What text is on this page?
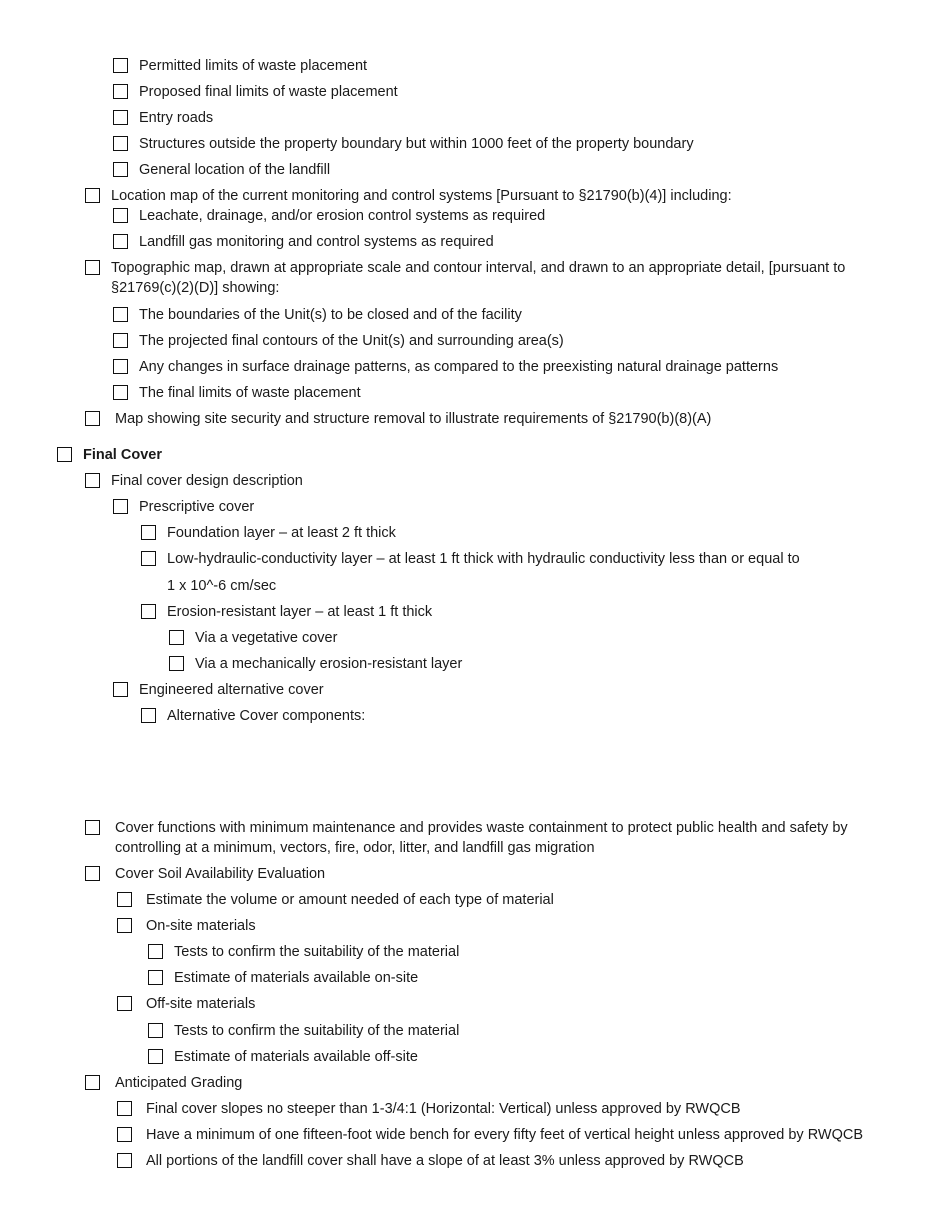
Permitted limits of waste placement
Proposed final limits of waste placement
Entry roads
Structures outside the property boundary but within 1000 feet of the property boundary
General location of the landfill
Location map of the current monitoring and control systems [Pursuant to §21790(b)(4)] including:
Leachate, drainage, and/or erosion control systems as required
Landfill gas monitoring and control systems as required
Topographic map, drawn at appropriate scale and contour interval, and drawn to an appropriate detail, [pursuant to §21769(c)(2)(D)] showing:
The boundaries of the Unit(s) to be closed and of the facility
The projected final contours of the Unit(s) and surrounding area(s)
Any changes in surface drainage patterns, as compared to the preexisting natural drainage patterns
The final limits of waste placement
Map showing site security and structure removal to illustrate requirements of §21790(b)(8)(A)
Final Cover
Final cover design description
Prescriptive cover
Foundation layer – at least 2 ft thick
Low-hydraulic-conductivity layer – at least 1 ft thick with hydraulic conductivity less than or equal to
1 x 10^-6 cm/sec
Erosion-resistant layer – at least 1 ft thick
Via a vegetative cover
Via a mechanically erosion-resistant layer
Engineered alternative cover
Alternative Cover components:
Cover functions with minimum maintenance and provides waste containment to protect public health and safety by controlling at a minimum, vectors, fire, odor, litter, and landfill gas migration
Cover Soil Availability Evaluation
Estimate the volume or amount needed of each type of material
On-site materials
Tests to confirm the suitability of the material
Estimate of materials available on-site
Off-site materials
Tests to confirm the suitability of the material
Estimate of materials available off-site
Anticipated Grading
Final cover slopes no steeper than 1-3/4:1 (Horizontal: Vertical) unless approved by RWQCB
Have a minimum of one fifteen-foot wide bench for every fifty feet of vertical height unless approved by RWQCB
All portions of the landfill cover shall have a slope of at least 3% unless approved by RWQCB
